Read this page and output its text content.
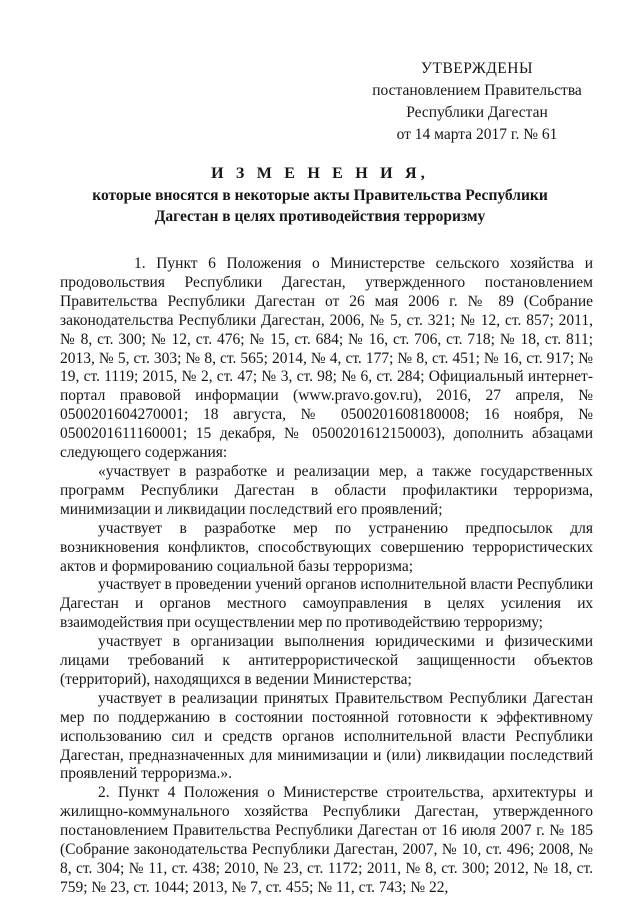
УТВЕРЖДЕНЫ
постановлением Правительства
Республики Дагестан
от 14 марта 2017 г. № 61
И З М Е Н Е Н И Я,
которые вносятся в некоторые акты Правительства Республики
Дагестан в целях противодействия терроризму

1. Пункт 6 Положения о Министерстве сельского хозяйства и продовольствия Республики Дагестан, утвержденного постановлением Правительства Республики Дагестан от 26 мая 2006 г. № 89 (Собрание законодательства Республики Дагестан, 2006, № 5, ст. 321; № 12, ст. 857; 2011, № 8, ст. 300; № 12, ст. 476; № 15, ст. 684; № 16, ст. 706, ст. 718; № 18, ст. 811; 2013, № 5, ст. 303; № 8, ст. 565; 2014, № 4, ст. 177; № 8, ст. 451; № 16, ст. 917; № 19, ст. 1119; 2015, № 2, ст. 47; № 3, ст. 98; № 6, ст. 284; Официальный интернет-портал правовой информации (www.pravo.gov.ru), 2016, 27 апреля, № 0500201604270001; 18 августа, № 0500201608180008; 16 ноября, № 0500201611160001; 15 декабря, № 0500201612150003), дополнить абзацами следующего содержания:

«участвует в разработке и реализации мер, а также государственных программ Республики Дагестан в области профилактики терроризма, минимизации и ликвидации последствий его проявлений;

участвует в разработке мер по устранению предпосылок для возникновения конфликтов, способствующих совершению террористических актов и формированию социальной базы терроризма;

участвует в проведении учений органов исполнительной власти Республики Дагестан и органов местного самоуправления в целях усиления их взаимодействия при осуществлении мер по противодействию терроризму;

участвует в организации выполнения юридическими и физическими лицами требований к антитеррористической защищенности объектов (территорий), находящихся в ведении Министерства;

участвует в реализации принятых Правительством Республики Дагестан мер по поддержанию в состоянии постоянной готовности к эффективному использованию сил и средств органов исполнительной власти Республики Дагестан, предназначенных для минимизации и (или) ликвидации последствий проявлений терроризма.».

2. Пункт 4 Положения о Министерстве строительства, архитектуры и жилищно-коммунального хозяйства Республики Дагестан, утвержденного постановлением Правительства Республики Дагестан от 16 июля 2007 г. № 185 (Собрание законодательства Республики Дагестан, 2007, № 10, ст. 496; 2008, № 8, ст. 304; № 11, ст. 438; 2010, № 23, ст. 1172; 2011, № 8, ст. 300; 2012, № 18, ст. 759; № 23, ст. 1044; 2013, № 7, ст. 455; № 11, ст. 743; № 22,
